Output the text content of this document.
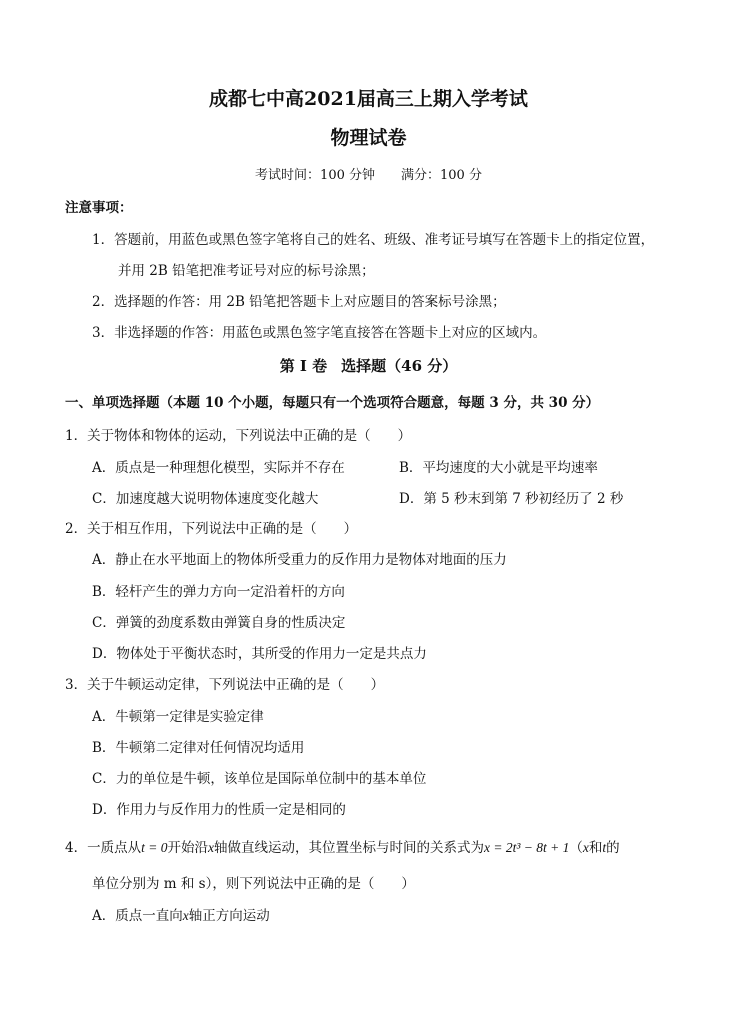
成都七中高2021届高三上期入学考试
物理试卷
考试时间：100 分钟 满分：100 分
注意事项：
1．答题前，用蓝色或黑色签字笔将自己的姓名、班级、准考证号填写在答题卡上的指定位置，
并用 2B 铅笔把准考证号对应的标号涂黑；
2．选择题的作答：用 2B 铅笔把答题卡上对应题目的答案标号涂黑；
3．非选择题的作答：用蓝色或黑色签字笔直接答在答题卡上对应的区域内。
第 I 卷 选择题（46 分）
一、单项选择题（本题 10 个小题，每题只有一个选项符合题意，每题 3 分，共 30 分）
1．关于物体和物体的运动，下列说法中正确的是（　　）
A．质点是一种理想化模型，实际并不存在	B．平均速度的大小就是平均速率
C．加速度越大说明物体速度变化越大	D．第 5 秒末到第 7 秒初经历了 2 秒
2．关于相互作用，下列说法中正确的是（　　）
A．静止在水平地面上的物体所受重力的反作用力是物体对地面的压力
B．轻杆产生的弹力方向一定沿着杆的方向
C．弹簧的劲度系数由弹簧自身的性质决定
D．物体处于平衡状态时，其所受的作用力一定是共点力
3．关于牛顿运动定律，下列说法中正确的是（　　）
A．牛顿第一定律是实验定律
B．牛顿第二定律对任何情况均适用
C．力的单位是牛顿，该单位是国际单位制中的基本单位
D．作用力与反作用力的性质一定是相同的
4．一质点从t = 0开始沿x轴做直线运动，其位置坐标与时间的关系式为x = 2t³ − 8t + 1（x和t的
单位分别为 m 和 s），则下列说法中正确的是（　　）
A．质点一直向x轴正方向运动
